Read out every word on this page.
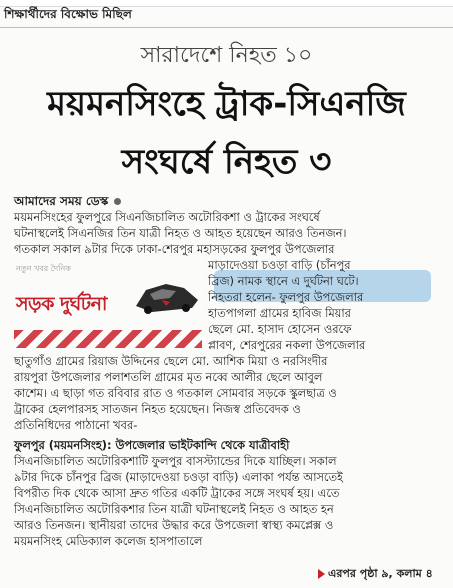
শিক্ষার্থীদের বিক্ষোভ মিছিল
সারাদেশে নিহত ১০
ময়মনসিংহে ট্রাক-সিএনজি
সংঘর্ষে নিহত ৩
আমাদের সময় ডেস্ক
ময়মনসিংহের ফুলপুরে সিএনজিচালিত অটোরিকশা ও ট্রাকের সংঘর্ষে
ঘটনাস্থলেই সিএনজির তিন যাত্রী নিহত ও আহত হয়েছেন আরও তিনজন।
গতকাল সকাল ৯টার দিকে ঢাকা-শেরপুর মহাসড়কের ফুলপুর উপজেলার
নতুন খবর দৈনিক
সড়ক দুর্ঘটনা
মাড়াদেওয়া চওড়া বাড়ি (চাঁনপুর
ব্রিজ) নামক স্থানে এ দুর্ঘটনা ঘটে।
নিহতরা হলেন- ফুলপুর উপজেলার
হাতপাগলা গ্রামের হাবিজ মিয়ার
ছেলে মো. হাসাদ হোসেন ওরফে
প্লাবণ, শেরপুরের নকলা উপজেলার
ছাতুগাঁও গ্রামের রিয়াজ উদ্দিনের ছেলে মো. আশিক মিয়া ও নরসিংদীর
রায়পুরা উপজেলার পলাশতলি গ্রামের মৃত নব্বে আলীর ছেলে আবুল
কাশেম। এ ছাড়া গত রবিবার রাত ও গতকাল সোমবার সড়কে স্কুলছাত্র ও
ট্রাকের হেলপারসহ সাতজন নিহত হয়েছেন। নিজস্ব প্রতিবেদক ও
প্রতিনিধিদের পাঠানো খবর-
ফুলপুর (ময়মনসিংহ): উপজেলার ভাইটকান্দি থেকে যাত্রীবাহী
সিএনজিচালিত অটোরিকশাটি ফুলপুর বাসস্ট্যান্ডের দিকে যাচ্ছিল। সকাল
৯টার দিকে চাঁনপুর ব্রিজ (মাড়াদেওয়া চওড়া বাড়ি) এলাকা পর্যন্ত আসতেই
বিপরীত দিক থেকে আসা দ্রুত গতির একটি ট্রাকের সঙ্গে সংঘর্ষ হয়। এতে
সিএনজিচালিত অটোরিকশার তিন যাত্রী ঘটনাস্থলেই নিহত ও আহত হন
আরও তিনজন। স্থানীয়রা তাদের উদ্ধার করে উপজেলা স্বাস্থ্য কমপ্লেক্স ও
ময়মনসিংহ মেডিক্যাল কলেজ হাসপাতালে
এরপর পৃষ্ঠা ৯, কলাম ৪
